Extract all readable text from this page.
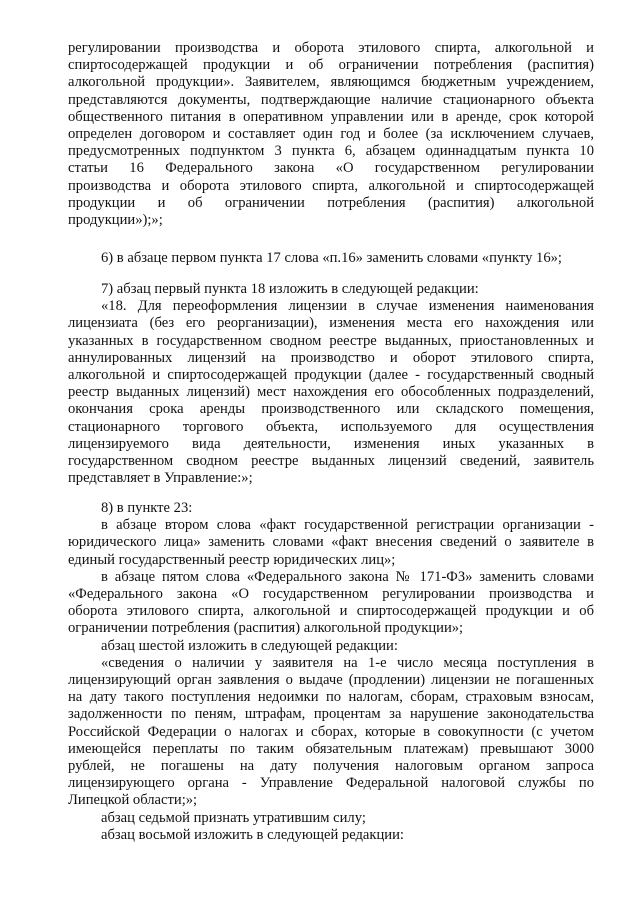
регулировании производства и оборота этилового спирта, алкогольной и
спиртосодержащей продукции и об ограничении потребления (распития)
алкогольной продукции». Заявителем, являющимся бюджетным учреждением,
представляются документы, подтверждающие наличие стационарного объекта
общественного питания в оперативном управлении или в аренде, срок которой
определен договором и составляет один год и более (за исключением случаев,
предусмотренных подпунктом 3 пункта 6, абзацем одиннадцатым пункта 10
статьи 16 Федерального закона «О государственном регулировании
производства и оборота этилового спирта, алкогольной и спиртосодержащей
продукции и об ограничении потребления (распития) алкогольной
продукции»);»;
6) в абзаце первом пункта 17 слова «п.16» заменить словами «пункту 16»;
7) абзац первый пункта 18 изложить в следующей редакции:
«18. Для переоформления лицензии в случае изменения наименования
лицензиата (без его реорганизации), изменения места его нахождения или
указанных в государственном сводном реестре выданных, приостановленных и
аннулированных лицензий на производство и оборот этилового спирта,
алкогольной и спиртосодержащей продукции (далее - государственный сводный
реестр выданных лицензий) мест нахождения его обособленных подразделений,
окончания срока аренды производственного или складского помещения,
стационарного торгового объекта, используемого для осуществления
лицензируемого вида деятельности, изменения иных указанных в
государственном сводном реестре выданных лицензий сведений, заявитель
представляет в Управление:»;
8) в пункте 23:
в абзаце втором слова «факт государственной регистрации организации -
юридического лица» заменить словами «факт внесения сведений о заявителе в
единый государственный реестр юридических лиц»;
в абзаце пятом слова «Федерального закона № 171-ФЗ» заменить словами
«Федерального закона «О государственном регулировании производства и
оборота этилового спирта, алкогольной и спиртосодержащей продукции и об
ограничении потребления (распития) алкогольной продукции»;
абзац шестой изложить в следующей редакции:
«сведения о наличии у заявителя на 1-е число месяца поступления в
лицензирующий орган заявления о выдаче (продлении) лицензии не погашенных
на дату такого поступления недоимки по налогам, сборам, страховым взносам,
задолженности по пеням, штрафам, процентам за нарушение законодательства
Российской Федерации о налогах и сборах, которые в совокупности (с учетом
имеющейся переплаты по таким обязательным платежам) превышают 3000
рублей, не погашены на дату получения налоговым органом запроса
лицензирующего органа - Управление Федеральной налоговой службы по
Липецкой области;»;
абзац седьмой признать утратившим силу;
абзац восьмой изложить в следующей редакции:
